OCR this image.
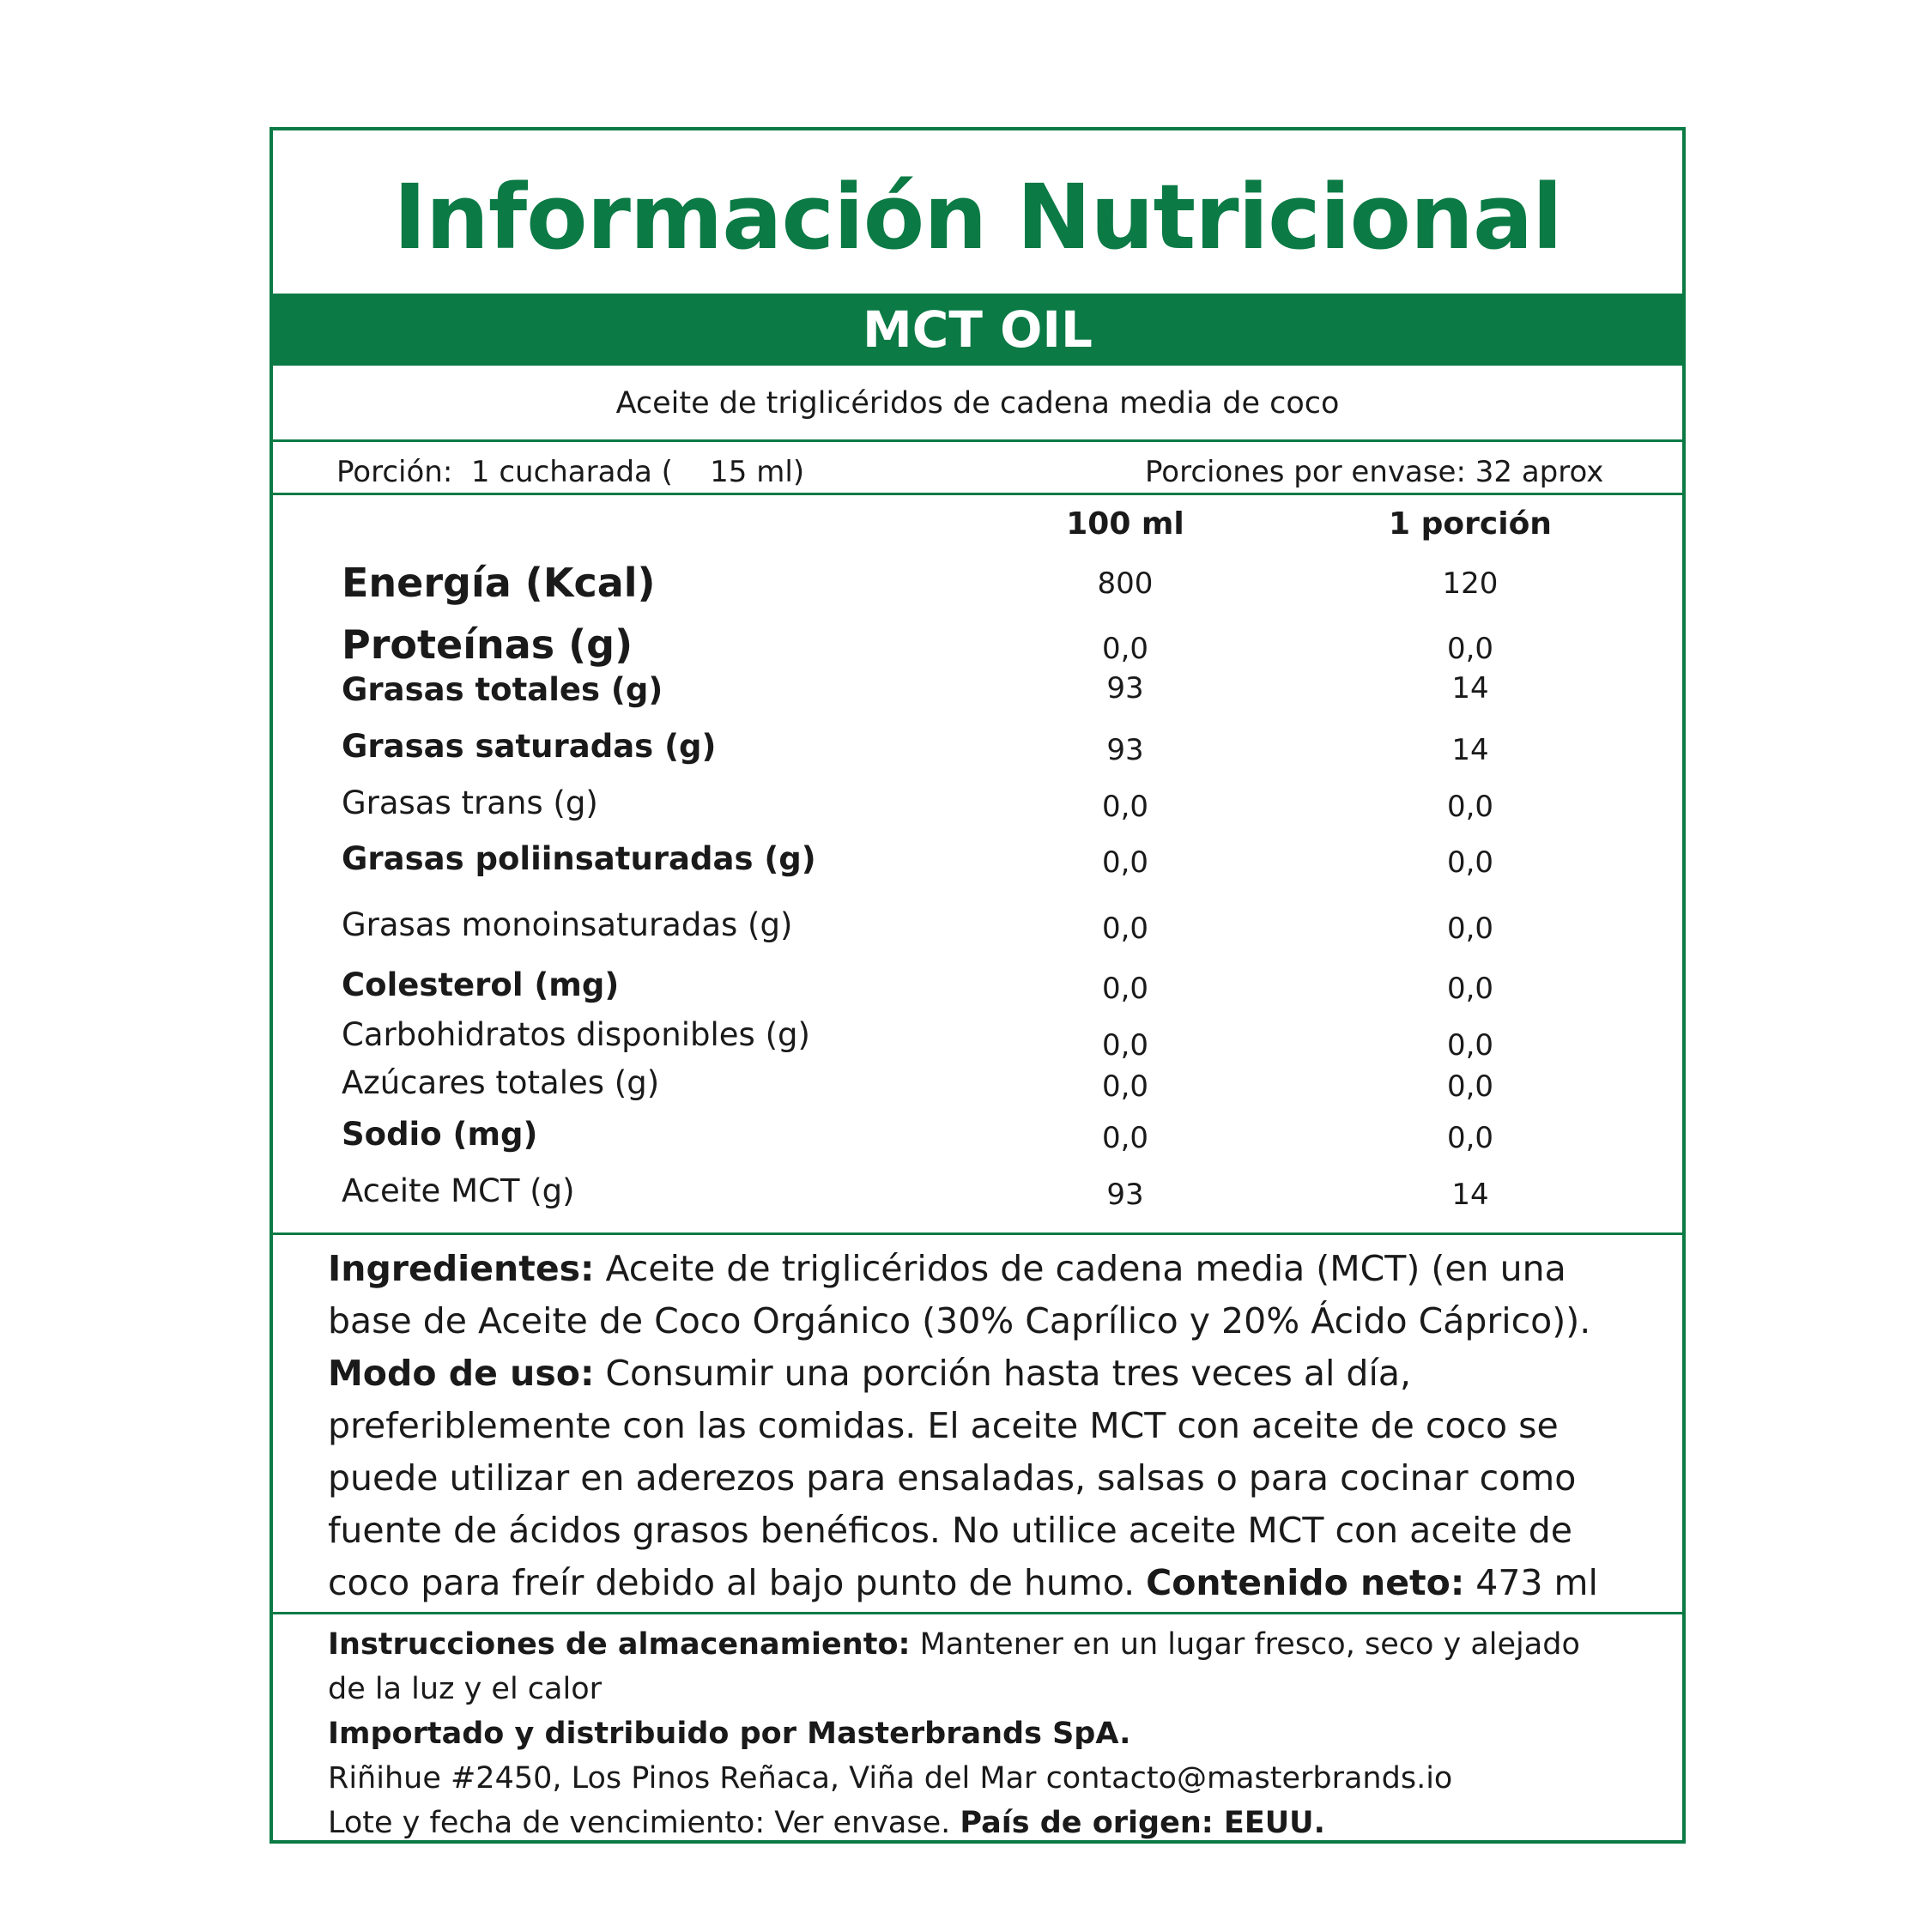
Información Nutricional
MCT OIL
Aceite de triglicéridos de cadena media de coco
Porción:  1 cucharada (    15 ml)	Porciones por envase: 32 aprox
100 ml	1 porción
Energía (Kcal)	800	120
Proteínas (g)	0,0	0,0
Grasas totales (g)	93	14
Grasas saturadas (g)	93	14
Grasas trans (g)	0,0	0,0
Grasas poliinsaturadas (g)	0,0	0,0
Grasas monoinsaturadas (g)	0,0	0,0
Colesterol (mg)	0,0	0,0
Carbohidratos disponibles (g)	0,0	0,0
Azúcares totales (g)	0,0	0,0
Sodio (mg)	0,0	0,0
Aceite MCT (g)	93	14
Ingredientes: Aceite de triglicéridos de cadena media (MCT) (en una base de Aceite de Coco Orgánico (30% Caprílico y 20% Ácido Cáprico)).
Modo de uso: Consumir una porción hasta tres veces al día, preferiblemente con las comidas. El aceite MCT con aceite de coco se puede utilizar en aderezos para ensaladas, salsas o para cocinar como fuente de ácidos grasos benéficos. No utilice aceite MCT con aceite de coco para freír debido al bajo punto de humo. Contenido neto: 473 ml
Instrucciones de almacenamiento: Mantener en un lugar fresco, seco y alejado
de la luz y el calor
Importado y distribuido por Masterbrands SpA.
Riñihue #2450, Los Pinos Reñaca, Viña del Mar contacto@masterbrands.io
Lote y fecha de vencimiento: Ver envase. País de origen: EEUU.
